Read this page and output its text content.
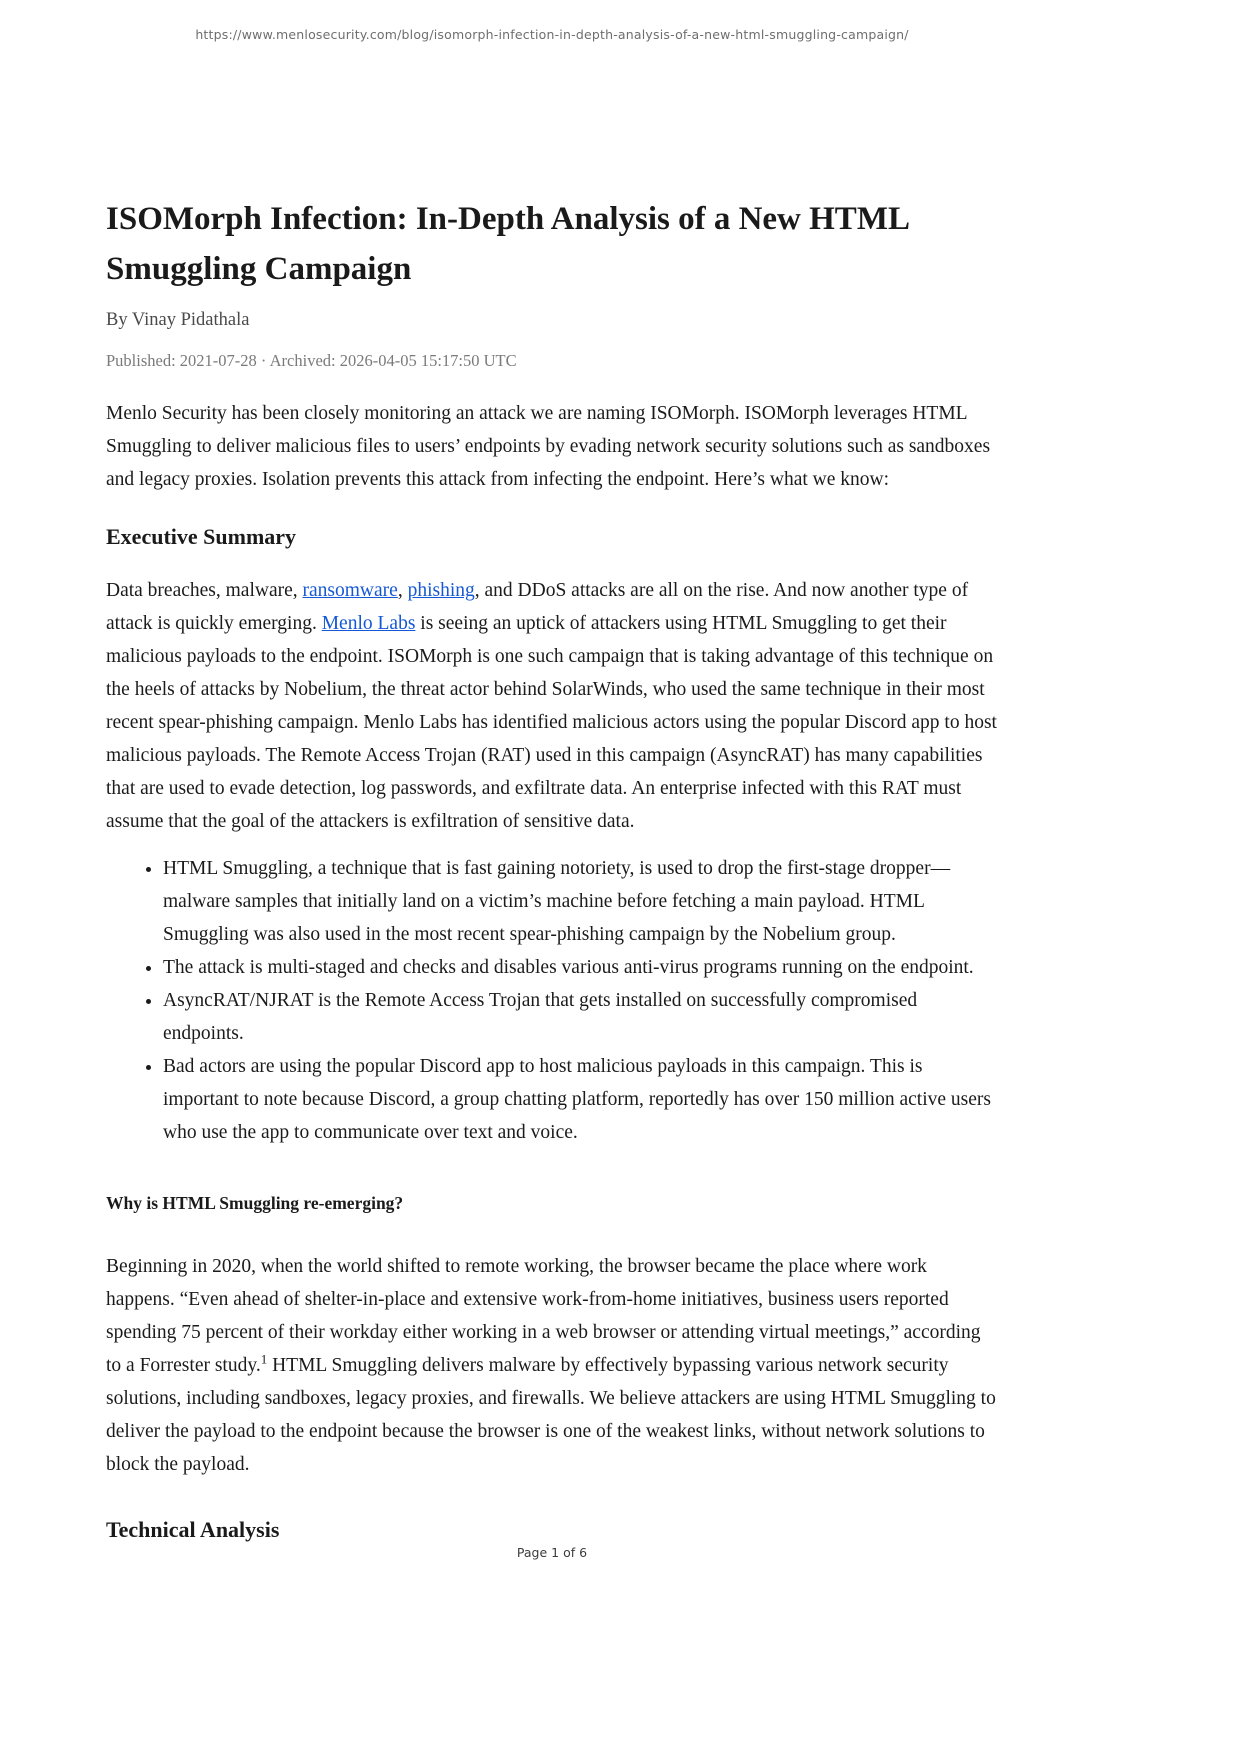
https://www.menlosecurity.com/blog/isomorph-infection-in-depth-analysis-of-a-new-html-smuggling-campaign/
ISOMorph Infection: In-Depth Analysis of a New HTML Smuggling Campaign

By Vinay Pidathala

Published: 2021-07-28 · Archived: 2026-04-05 15:17:50 UTC

Menlo Security has been closely monitoring an attack we are naming ISOMorph. ISOMorph leverages HTML Smuggling to deliver malicious files to users’ endpoints by evading network security solutions such as sandboxes and legacy proxies. Isolation prevents this attack from infecting the endpoint. Here’s what we know:

Executive Summary

Data breaches, malware, ransomware, phishing, and DDoS attacks are all on the rise. And now another type of attack is quickly emerging. Menlo Labs is seeing an uptick of attackers using HTML Smuggling to get their malicious payloads to the endpoint. ISOMorph is one such campaign that is taking advantage of this technique on the heels of attacks by Nobelium, the threat actor behind SolarWinds, who used the same technique in their most recent spear-phishing campaign. Menlo Labs has identified malicious actors using the popular Discord app to host malicious payloads. The Remote Access Trojan (RAT) used in this campaign (AsyncRAT) has many capabilities that are used to evade detection, log passwords, and exfiltrate data. An enterprise infected with this RAT must assume that the goal of the attackers is exfiltration of sensitive data.

• HTML Smuggling, a technique that is fast gaining notoriety, is used to drop the first-stage dropper—malware samples that initially land on a victim’s machine before fetching a main payload. HTML Smuggling was also used in the most recent spear-phishing campaign by the Nobelium group.
• The attack is multi-staged and checks and disables various anti-virus programs running on the endpoint.
• AsyncRAT/NJRAT is the Remote Access Trojan that gets installed on successfully compromised endpoints.
• Bad actors are using the popular Discord app to host malicious payloads in this campaign. This is important to note because Discord, a group chatting platform, reportedly has over 150 million active users who use the app to communicate over text and voice.
Why is HTML Smuggling re-emerging?

Beginning in 2020, when the world shifted to remote working, the browser became the place where work happens. “Even ahead of shelter-in-place and extensive work-from-home initiatives, business users reported spending 75 percent of their workday either working in a web browser or attending virtual meetings,” according to a Forrester study.$^1$ HTML Smuggling delivers malware by effectively bypassing various network security solutions, including sandboxes, legacy proxies, and firewalls. We believe attackers are using HTML Smuggling to deliver the payload to the endpoint because the browser is one of the weakest links, without network solutions to block the payload.

Technical Analysis
Page 1 of 6
